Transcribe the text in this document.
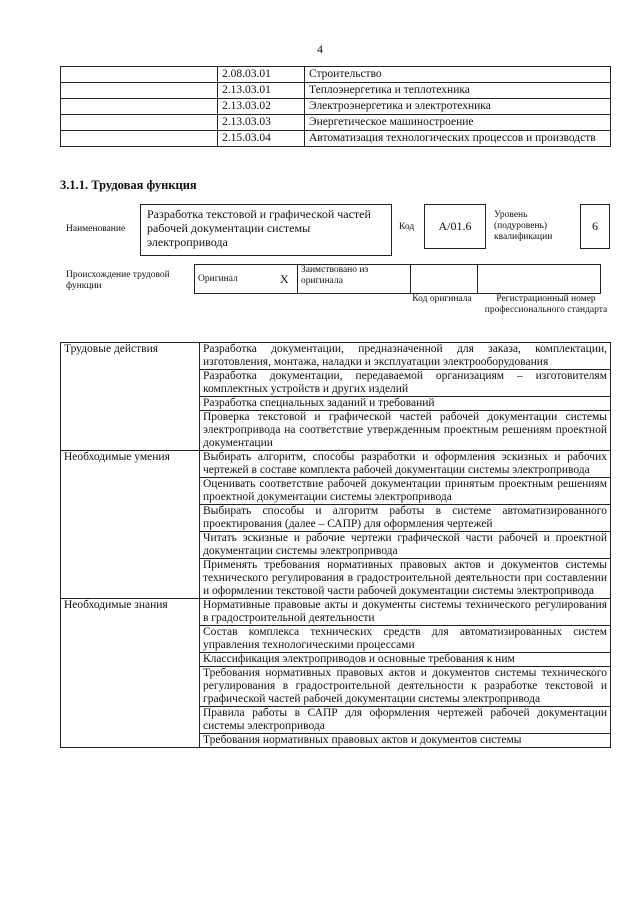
4
	2.08.03.01	Строительство
	2.13.03.01	Теплоэнергетика и теплотехника
	2.13.03.02	Электроэнергетика и электротехника
	2.13.03.03	Энергетическое машиностроение
	2.15.03.04	Автоматизация технологических процессов и производств
3.1.1. Трудовая функция
Наименование
Разработка текстовой и графической частей рабочей документации системы электропривода
Код	A/01.6
Уровень (подуровень) квалификации
6
Происхождение трудовой функции
Оригинал	X	Заимствовано из оригинала		
Код оригинала	Регистрационный номер профессионального стандарта
Трудовые действия	Разработка документации, предназначенной для заказа, комплектации, изготовления, монтажа, наладки и эксплуатации электрооборудования
	Разработка документации, передаваемой организациям – изготовителям комплектных устройств и других изделий
	Разработка специальных заданий и требований
	Проверка текстовой и графической частей рабочей документации системы электропривода на соответствие утвержденным проектным решениям проектной документации
Необходимые умения	Выбирать алгоритм, способы разработки и оформления эскизных и рабочих чертежей в составе комплекта рабочей документации системы электропривода
	Оценивать соответствие рабочей документации принятым проектным решениям проектной документации системы электропривода
	Выбирать способы и алгоритм работы в системе автоматизированного проектирования (далее – САПР) для оформления чертежей
	Читать эскизные и рабочие чертежи графической части рабочей и проектной документации системы электропривода
	Применять требования нормативных правовых актов и документов системы технического регулирования в градостроительной деятельности при составлении и оформлении текстовой части рабочей документации системы электропривода
Необходимые знания	Нормативные правовые акты и документы системы технического регулирования в градостроительной деятельности
	Состав комплекса технических средств для автоматизированных систем управления технологическими процессами
	Классификация электроприводов и основные требования к ним
	Требования нормативных правовых актов и документов системы технического регулирования в градостроительной деятельности к разработке текстовой и графической частей рабочей документации системы электропривода
	Правила работы в САПР для оформления чертежей рабочей документации системы электропривода
	Требования нормативных правовых актов и документов системы
